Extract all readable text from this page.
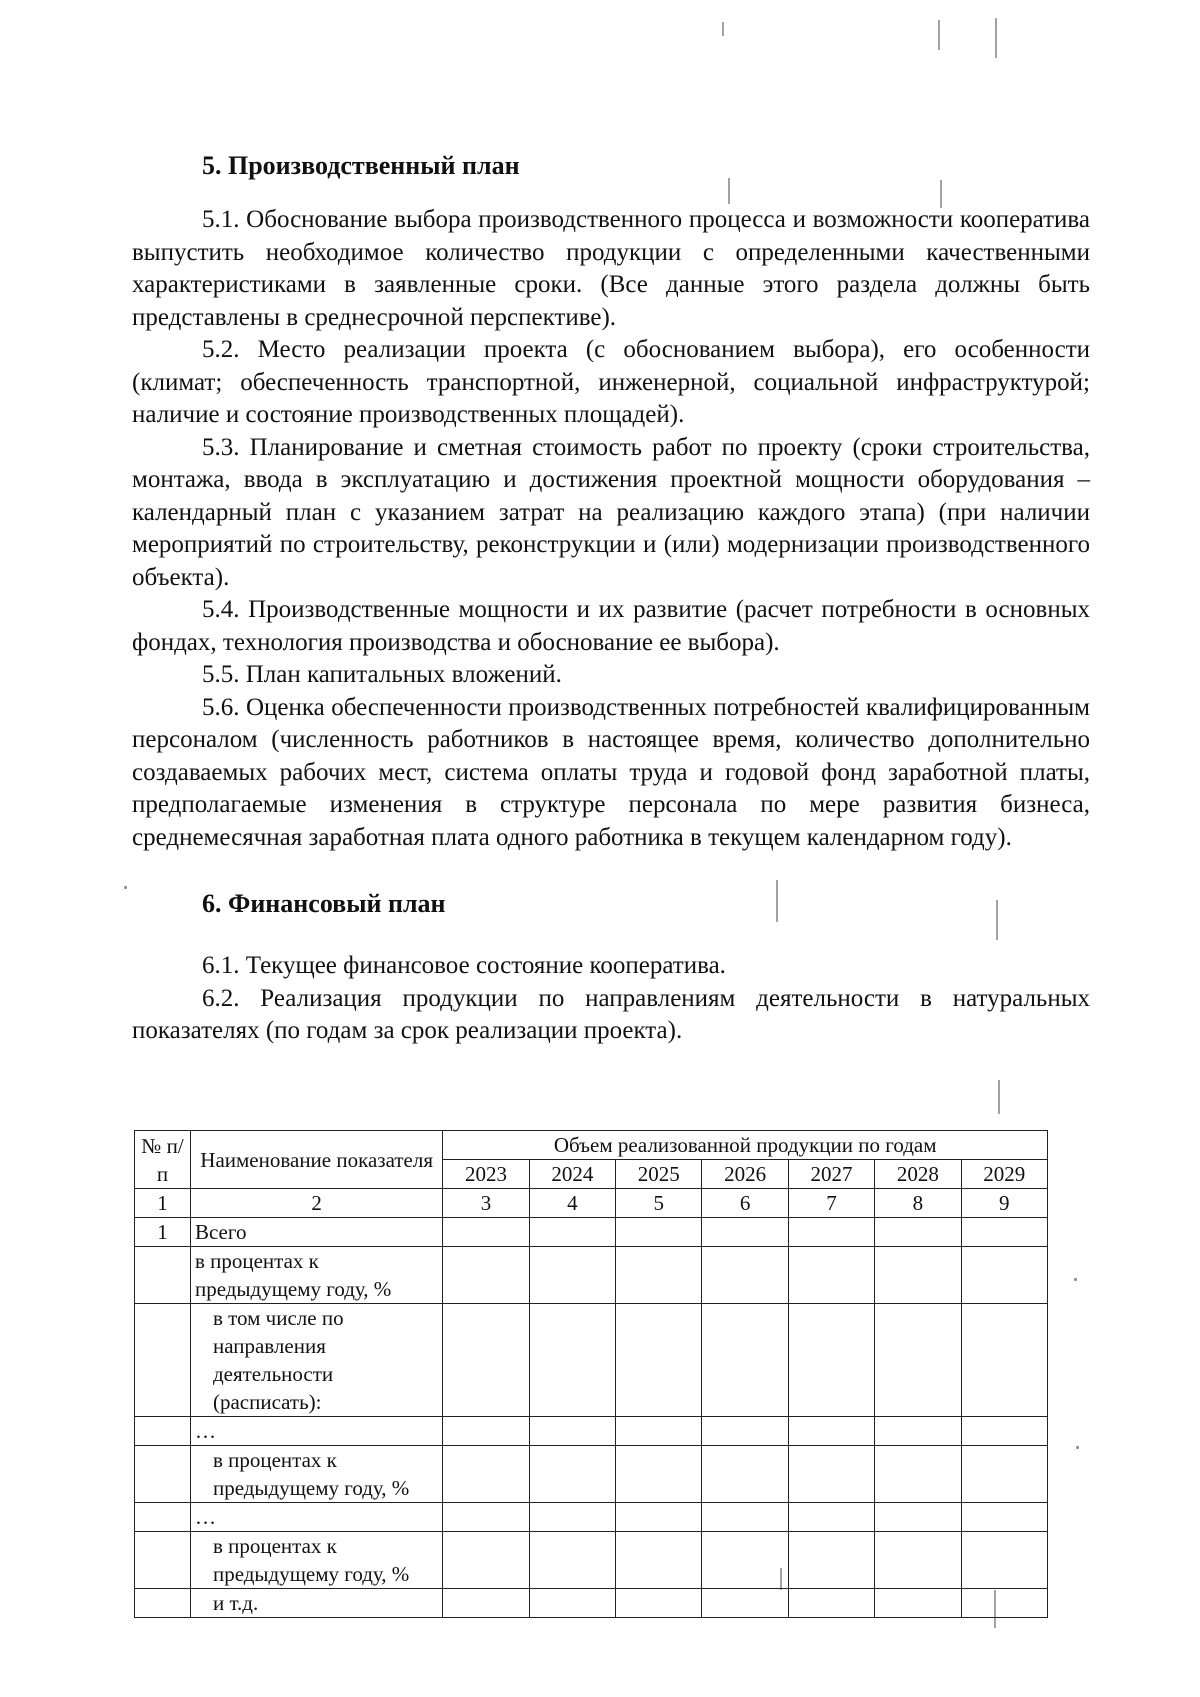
5. Производственный план

5.1. Обоснование выбора производственного процесса и возможности кооператива выпустить необходимое количество продукции с определенными качественными характеристиками в заявленные сроки. (Все данные этого раздела должны быть представлены в среднесрочной перспективе).

5.2. Место реализации проекта (с обоснованием выбора), его особенности (климат; обеспеченность транспортной, инженерной, социальной инфраструктурой; наличие и состояние производственных площадей).

5.3. Планирование и сметная стоимость работ по проекту (сроки строительства, монтажа, ввода в эксплуатацию и достижения проектной мощности оборудования – календарный план с указанием затрат на реализацию каждого этапа) (при наличии мероприятий по строительству, реконструкции и (или) модернизации производственного объекта).

5.4. Производственные мощности и их развитие (расчет потребности в основных фондах, технология производства и обоснование ее выбора).

5.5. План капитальных вложений.

5.6. Оценка обеспеченности производственных потребностей квалифицированным персоналом (численность работников в настоящее время, количество дополнительно создаваемых рабочих мест, система оплаты труда и годовой фонд заработной платы, предполагаемые изменения в структуре персонала по мере развития бизнеса, среднемесячная заработная плата одного работника в текущем календарном году).

6. Финансовый план

6.1. Текущее финансовое состояние кооператива.

6.2. Реализация продукции по направлениям деятельности в натуральных показателях (по годам за срок реализации проекта).

№ п/п	Наименование показателя	Объем реализованной продукции по годам						
		2023	2024	2025	2026	2027	2028	2029
1	2	3	4	5	6	7	8	9
1	Всего							
	в процентах к предыдущему году, %							
	в том числе по направления деятельности (расписать):							
	…							
	в процентах к предыдущему году, %							
	…							
	в процентах к предыдущему году, %							
	и т.д.							
